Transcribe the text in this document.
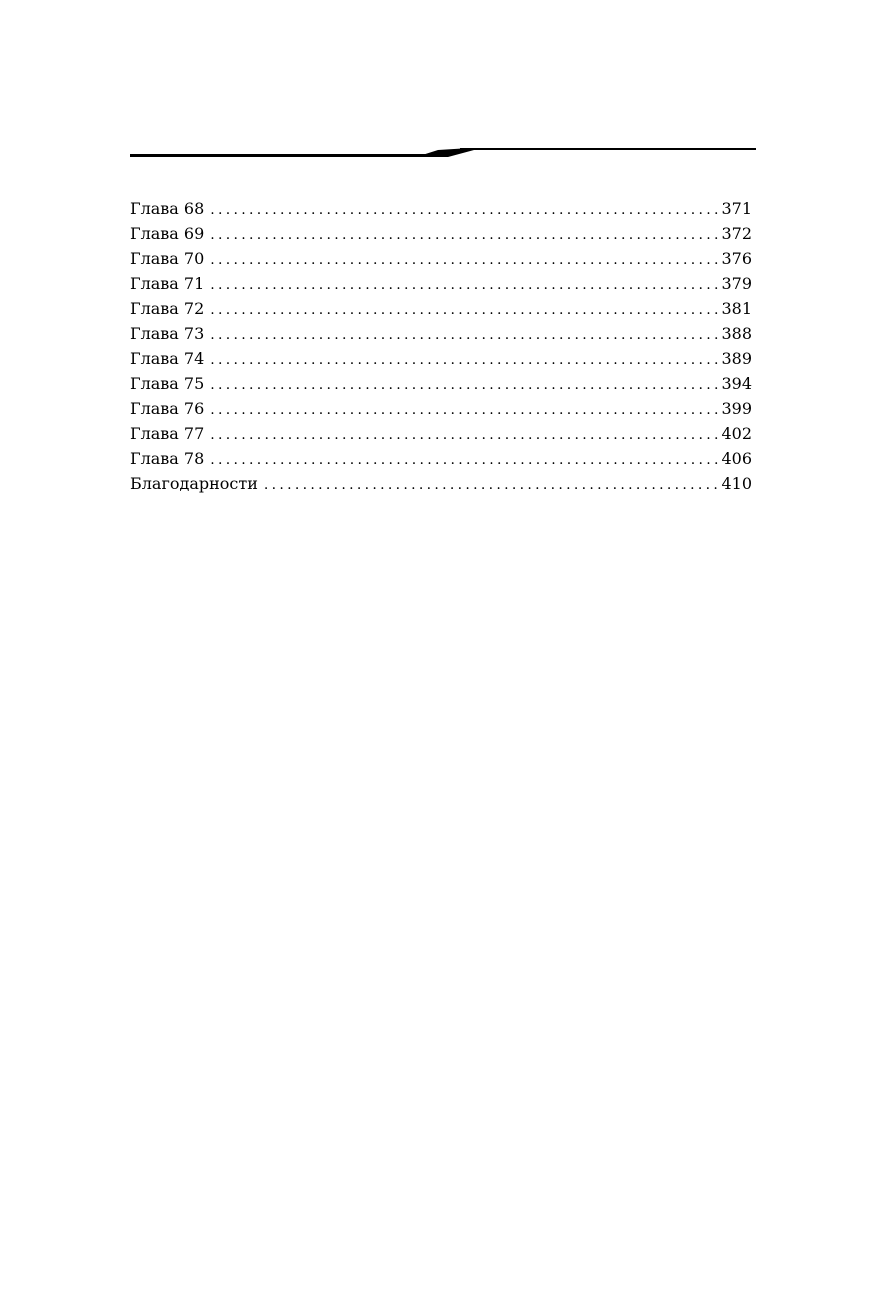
Глава 68 .....	371
Глава 69 .....	372
Глава 70 .....	376
Глава 71 .....	379
Глава 72 .....	381
Глава 73 .....	388
Глава 74 .....	389
Глава 75 .....	394
Глава 76 .....	399
Глава 77 .....	402
Глава 78 .....	406
Благодарности .....	410
